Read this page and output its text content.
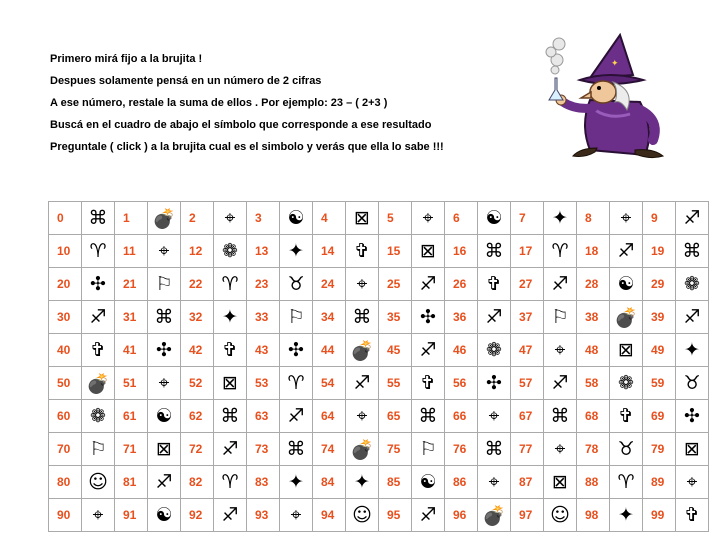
Primero mirá fijo a la brujita !
Despues solamente pensá en un número de 2 cifras
A ese número, restale la suma de ellos . Por ejemplo: 23 – ( 2+3 )
Buscá en el cuadro de abajo el símbolo que corresponde a ese resultado
Preguntale ( click ) a la brujita cual es el simbolo y verás que ella lo sabe !!!
✦
0	⌘	1	💣	2	⌖	3	☯	4	⊠	5	⌖	6	☯	7	✦	8	⌖	9	♐
10	♈	11	⌖	12	❁	13	✦	14	✞	15	⊠	16	⌘	17	♈	18	♐	19	⌘
20	✣	21	⚐	22	♈	23	♉	24	⌖	25	♐	26	✞	27	♐	28	☯	29	❁
30	♐	31	⌘	32	✦	33	⚐	34	⌘	35	✣	36	♐	37	⚐	38	💣	39	♐
40	✞	41	✣	42	✞	43	✣	44	💣	45	♐	46	❁	47	⌖	48	⊠	49	✦
50	💣	51	⌖	52	⊠	53	♈	54	♐	55	✞	56	✣	57	♐	58	❁	59	♉
60	❁	61	☯	62	⌘	63	♐	64	⌖	65	⌘	66	⌖	67	⌘	68	✞	69	✣
70	⚐	71	⊠	72	♐	73	⌘	74	💣	75	⚐	76	⌘	77	⌖	78	♉	79	⊠
80	☺	81	♐	82	♈	83	✦	84	✦	85	☯	86	⌖	87	⊠	88	♈	89	⌖
90	⌖	91	☯	92	♐	93	⌖	94	☺	95	♐	96	💣	97	☺	98	✦	99	✞
